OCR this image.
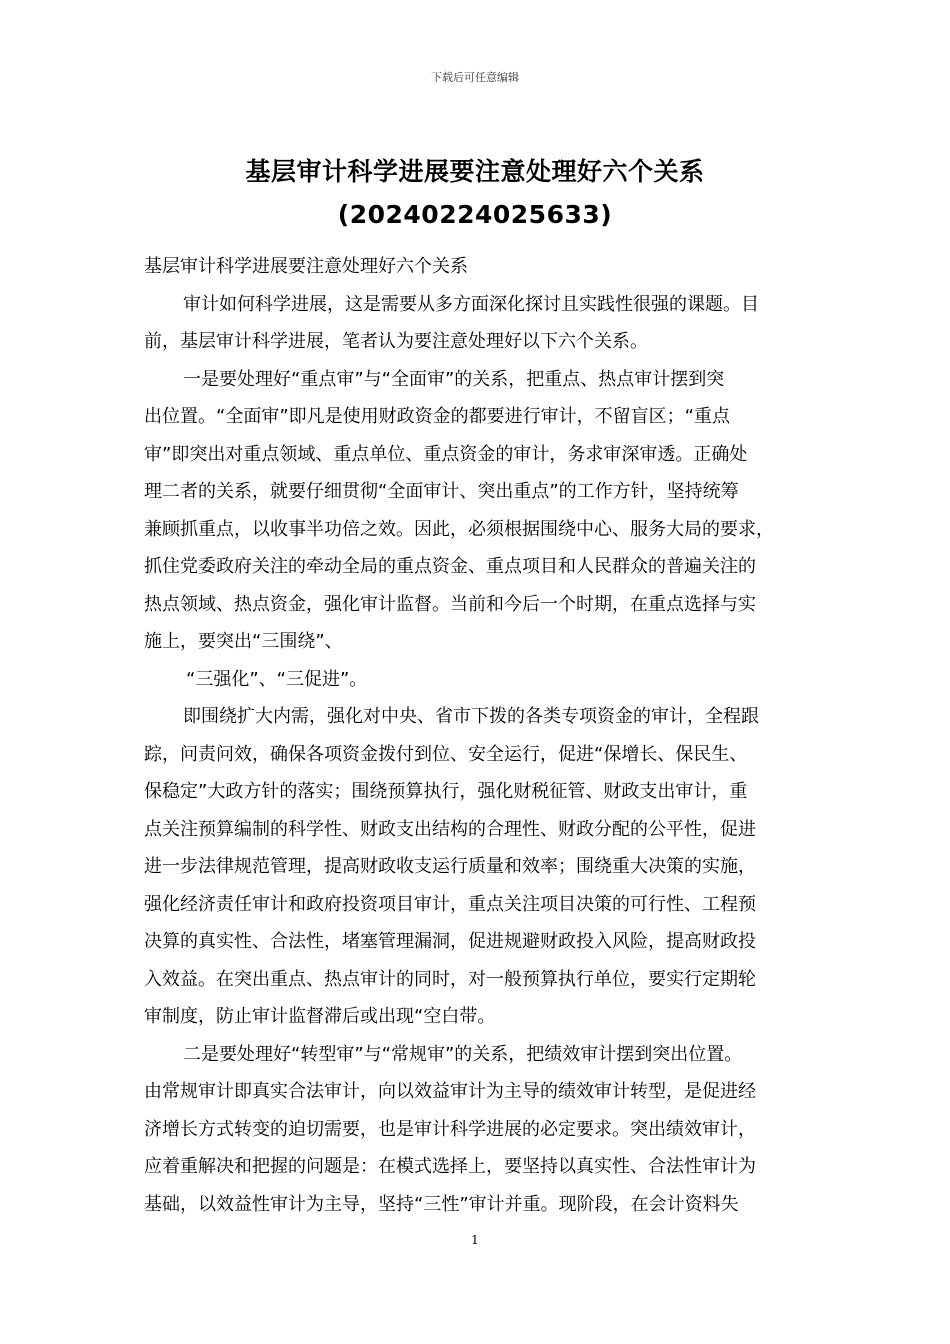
下载后可任意编辑
基层审计科学进展要注意处理好六个关系
(20240224025633)
基层审计科学进展要注意处理好六个关系
审计如何科学进展，这是需要从多方面深化探讨且实践性很强的课题。目
前，基层审计科学进展，笔者认为要注意处理好以下六个关系。
一是要处理好“重点审”与“全面审”的关系，把重点、热点审计摆到突
出位置。“全面审”即凡是使用财政资金的都要进行审计，不留盲区；“重点
审”即突出对重点领域、重点单位、重点资金的审计，务求审深审透。正确处
理二者的关系，就要仔细贯彻“全面审计、突出重点”的工作方针，坚持统筹
兼顾抓重点，以收事半功倍之效。因此，必须根据围绕中心、服务大局的要求，
抓住党委政府关注的牵动全局的重点资金、重点项目和人民群众的普遍关注的
热点领域、热点资金，强化审计监督。当前和今后一个时期，在重点选择与实
施上，要突出“三围绕”、
“三强化”、“三促进”。
即围绕扩大内需，强化对中央、省市下拨的各类专项资金的审计，全程跟
踪，问责问效，确保各项资金拨付到位、安全运行，促进“保增长、保民生、
保稳定”大政方针的落实；围绕预算执行，强化财税征管、财政支出审计，重
点关注预算编制的科学性、财政支出结构的合理性、财政分配的公平性，促进
进一步法律规范管理，提高财政收支运行质量和效率；围绕重大决策的实施，
强化经济责任审计和政府投资项目审计，重点关注项目决策的可行性、工程预
决算的真实性、合法性，堵塞管理漏洞，促进规避财政投入风险，提高财政投
入效益。在突出重点、热点审计的同时，对一般预算执行单位，要实行定期轮
审制度，防止审计监督滞后或出现“空白带。
二是要处理好“转型审”与“常规审”的关系，把绩效审计摆到突出位置。
由常规审计即真实合法审计，向以效益审计为主导的绩效审计转型，是促进经
济增长方式转变的迫切需要，也是审计科学进展的必定要求。突出绩效审计，
应着重解决和把握的问题是：在模式选择上，要坚持以真实性、合法性审计为
基础，以效益性审计为主导，坚持“三性”审计并重。现阶段，在会计资料失
1
